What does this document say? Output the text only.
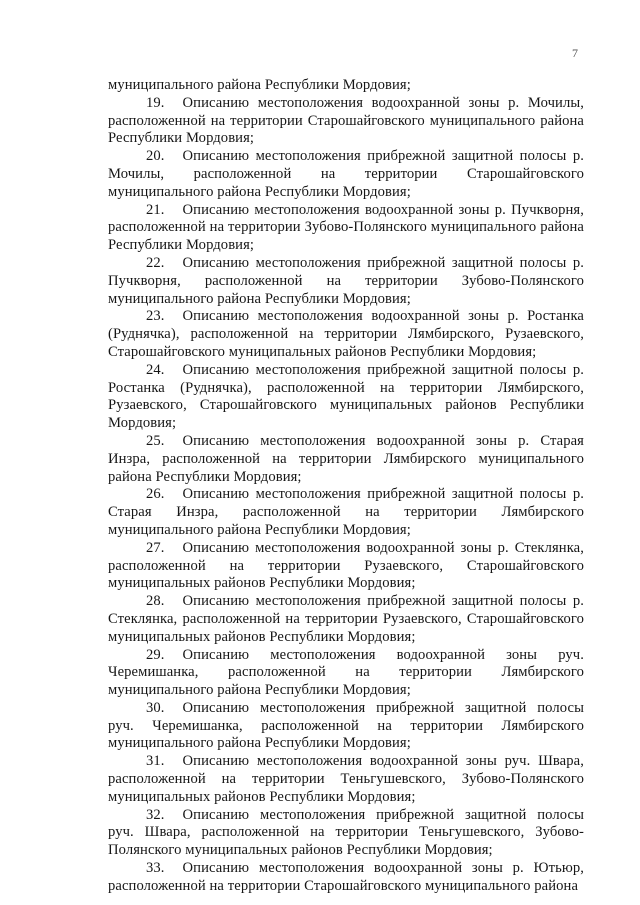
7

муниципального района Республики Мордовия;

19. Описанию местоположения водоохранной зоны р. Мочилы, расположенной на территории Старошайговского муниципального района Республики Мордовия;

20. Описанию местоположения прибрежной защитной полосы р. Мочилы, расположенной на территории Старошайговского муниципального района Республики Мордовия;

21. Описанию местоположения водоохранной зоны р. Пучкворня, расположенной на территории Зубово-Полянского муниципального района Республики Мордовия;

22. Описанию местоположения прибрежной защитной полосы р. Пучкворня, расположенной на территории Зубово-Полянского муниципального района Республики Мордовия;

23. Описанию местоположения водоохранной зоны р. Ростанка (Руднячка), расположенной на территории Лямбирского, Рузаевского, Старошайговского муниципальных районов Республики Мордовия;

24. Описанию местоположения прибрежной защитной полосы р. Ростанка (Руднячка), расположенной на территории Лямбирского, Рузаевского, Старошайговского муниципальных районов Республики Мордовия;

25. Описанию местоположения водоохранной зоны р. Старая Инзра, расположенной на территории Лямбирского муниципального района Республики Мордовия;

26. Описанию местоположения прибрежной защитной полосы р. Старая Инзра, расположенной на территории Лямбирского муниципального района Республики Мордовия;

27. Описанию местоположения водоохранной зоны р. Стеклянка, расположенной на территории Рузаевского, Старошайговского муниципальных районов Республики Мордовия;

28. Описанию местоположения прибрежной защитной полосы р. Стеклянка, расположенной на территории Рузаевского, Старошайговского муниципальных районов Республики Мордовия;

29. Описанию местоположения водоохранной зоны руч. Черемишанка, расположенной на территории Лямбирского муниципального района Республики Мордовия;

30. Описанию местоположения прибрежной защитной полосы руч. Черемишанка, расположенной на территории Лямбирского муниципального района Республики Мордовия;

31. Описанию местоположения водоохранной зоны руч. Швара, расположенной на территории Теньгушевского, Зубово-Полянского муниципальных районов Республики Мордовия;

32. Описанию местоположения прибрежной защитной полосы руч. Швара, расположенной на территории Теньгушевского, Зубово-Полянского муниципальных районов Республики Мордовия;

33. Описанию местоположения водоохранной зоны р. Ютьюр, расположенной на территории Старошайговского муниципального района
